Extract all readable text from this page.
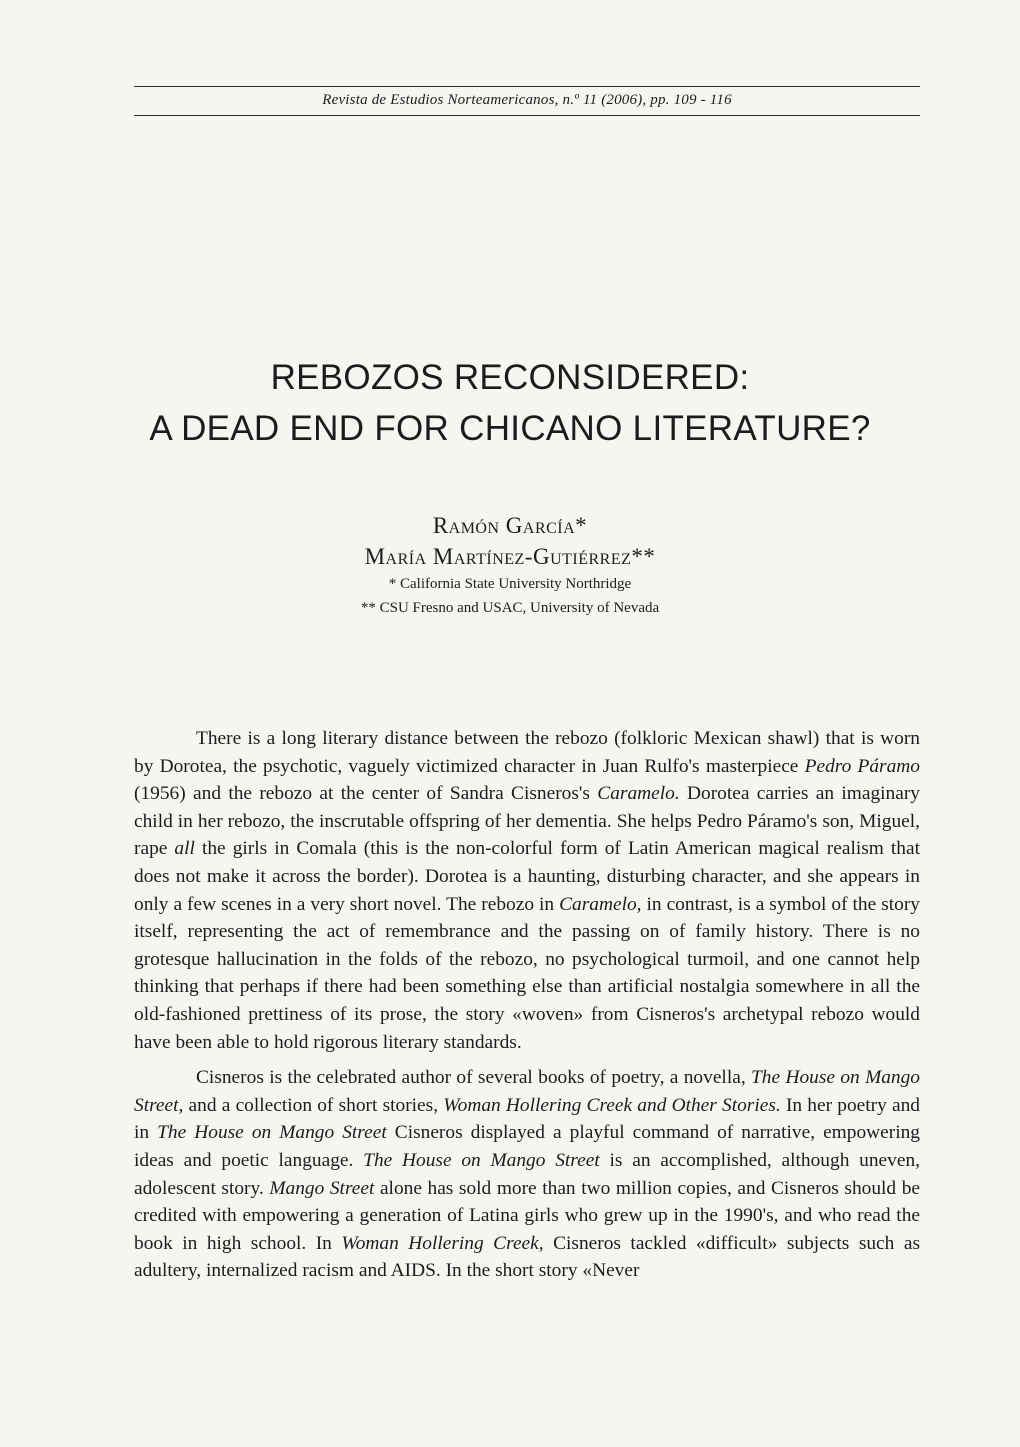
Revista de Estudios Norteamericanos, n.º 11 (2006), pp. 109 - 116
REBOZOS RECONSIDERED:
A DEAD END FOR CHICANO LITERATURE?
Ramón García*
María Martínez-Gutiérrez**
* California State University Northridge
** CSU Fresno and USAC, University of Nevada

There is a long literary distance between the rebozo (folkloric Mexican shawl) that is worn by Dorotea, the psychotic, vaguely victimized character in Juan Rulfo's masterpiece Pedro Páramo (1956) and the rebozo at the center of Sandra Cisneros's Caramelo. Dorotea carries an imaginary child in her rebozo, the inscrutable offspring of her dementia. She helps Pedro Páramo's son, Miguel, rape all the girls in Comala (this is the non-colorful form of Latin American magical realism that does not make it across the border). Dorotea is a haunting, disturbing character, and she appears in only a few scenes in a very short novel. The rebozo in Caramelo, in contrast, is a symbol of the story itself, representing the act of remembrance and the passing on of family history. There is no grotesque hallucination in the folds of the rebozo, no psychological turmoil, and one cannot help thinking that perhaps if there had been something else than artificial nostalgia somewhere in all the old-fashioned prettiness of its prose, the story «woven» from Cisneros's archetypal rebozo would have been able to hold rigorous literary standards.

Cisneros is the celebrated author of several books of poetry, a novella, The House on Mango Street, and a collection of short stories, Woman Hollering Creek and Other Stories. In her poetry and in The House on Mango Street Cisneros displayed a playful command of narrative, empowering ideas and poetic language. The House on Mango Street is an accomplished, although uneven, adolescent story. Mango Street alone has sold more than two million copies, and Cisneros should be credited with empowering a generation of Latina girls who grew up in the 1990's, and who read the book in high school. In Woman Hollering Creek, Cisneros tackled «difficult» subjects such as adultery, internalized racism and AIDS. In the short story «Never
